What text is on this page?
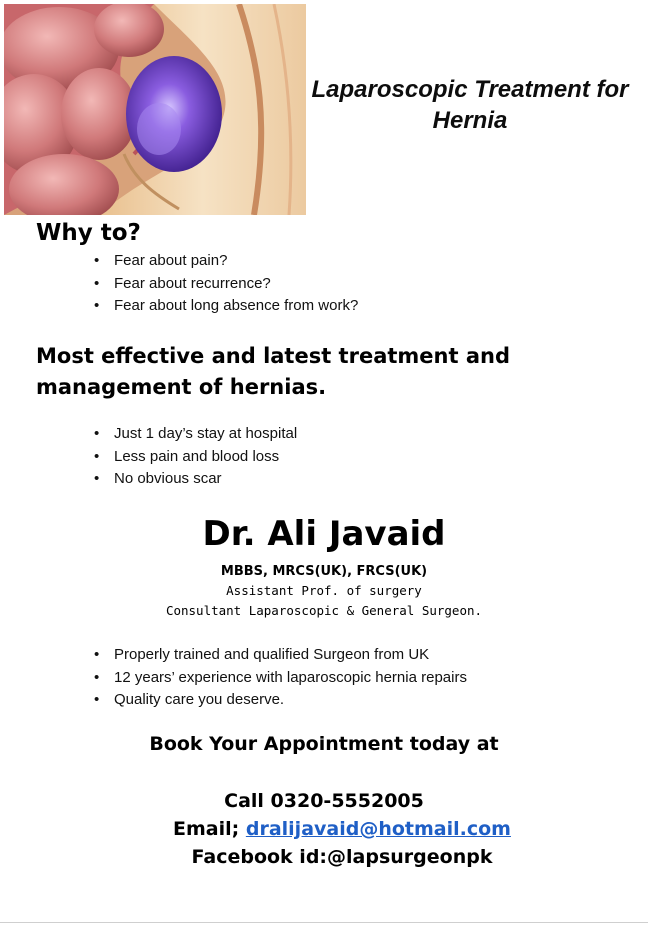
Laparoscopic Treatment for
Hernia
Why to?
• Fear about pain?
• Fear about recurrence?
• Fear about long absence from work?
Most effective and latest treatment and
management of hernias.
• Just 1 day’s stay at hospital
• Less pain and blood loss
• No obvious scar
Dr. Ali Javaid
MBBS, MRCS(UK), FRCS(UK)
Assistant Prof. of surgery
Consultant Laparoscopic & General Surgeon.
• Properly trained and qualified Surgeon from UK
• 12 years’ experience with laparoscopic hernia repairs
• Quality care you deserve.
Book Your Appointment today at
Call 0320-5552005
Email; dralijavaid@hotmail.com
Facebook id:@lapsurgeonpk
